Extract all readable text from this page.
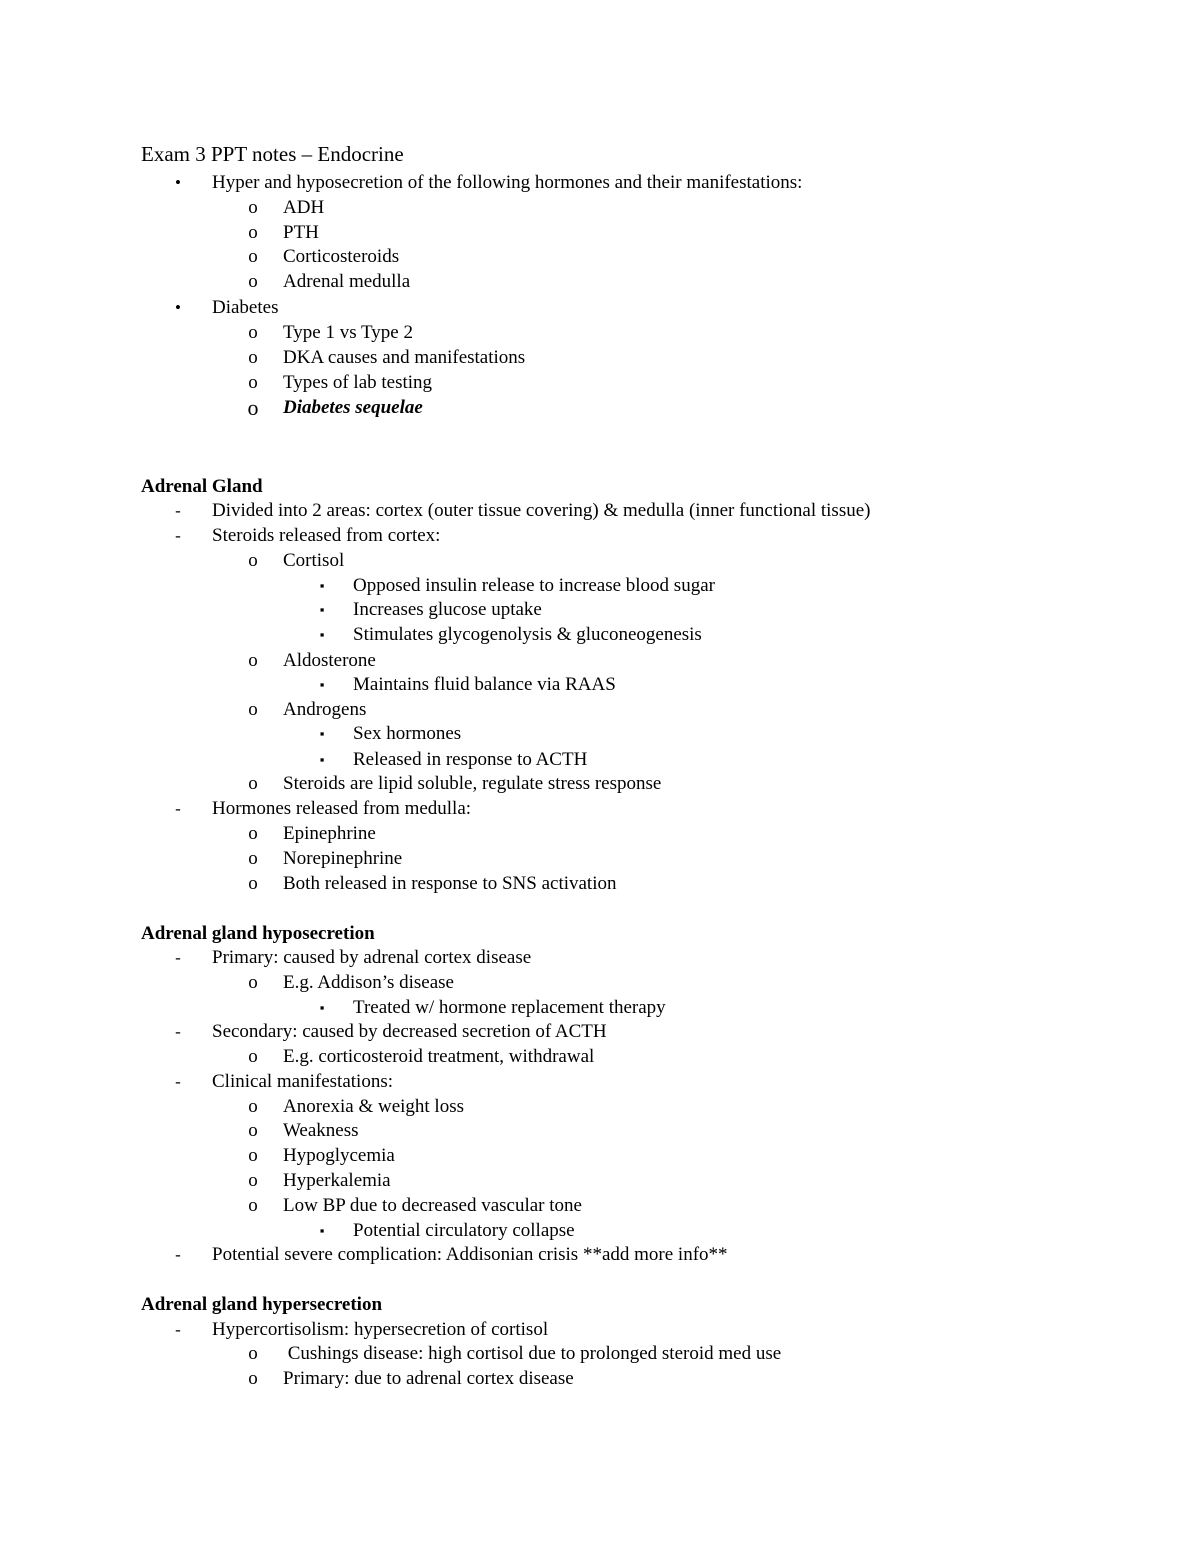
Exam 3 PPT notes – Endocrine
•	Hyper and hyposecretion of the following hormones and their manifestations:
o ADH
o PTH
o Corticosteroids
o Adrenal medulla
•	Diabetes
o Type 1 vs Type 2
o DKA causes and manifestations
o Types of lab testing
o Diabetes sequelae
Adrenal Gland
-	Divided into 2 areas: cortex (outer tissue covering) & medulla (inner functional tissue)
-	Steroids released from cortex:
o Cortisol
▪	Opposed insulin release to increase blood sugar
▪	Increases glucose uptake
▪	Stimulates glycogenolysis & gluconeogenesis
o Aldosterone
▪	Maintains fluid balance via RAAS
o Androgens
▪	Sex hormones
▪	Released in response to ACTH
o Steroids are lipid soluble, regulate stress response
-	Hormones released from medulla:
o Epinephrine
o Norepinephrine
o Both released in response to SNS activation
Adrenal gland hyposecretion
-	Primary: caused by adrenal cortex disease
o E.g. Addison’s disease
▪	Treated w/ hormone replacement therapy
-	Secondary: caused by decreased secretion of ACTH
o E.g. corticosteroid treatment, withdrawal
-	Clinical manifestations:
o Anorexia & weight loss
o Weakness
o Hypoglycemia
o Hyperkalemia
o Low BP due to decreased vascular tone
▪	Potential circulatory collapse
-	Potential severe complication: Addisonian crisis **add more info**
Adrenal gland hypersecretion
-	Hypercortisolism: hypersecretion of cortisol
o Cushings disease: high cortisol due to prolonged steroid med use
o Primary: due to adrenal cortex disease
